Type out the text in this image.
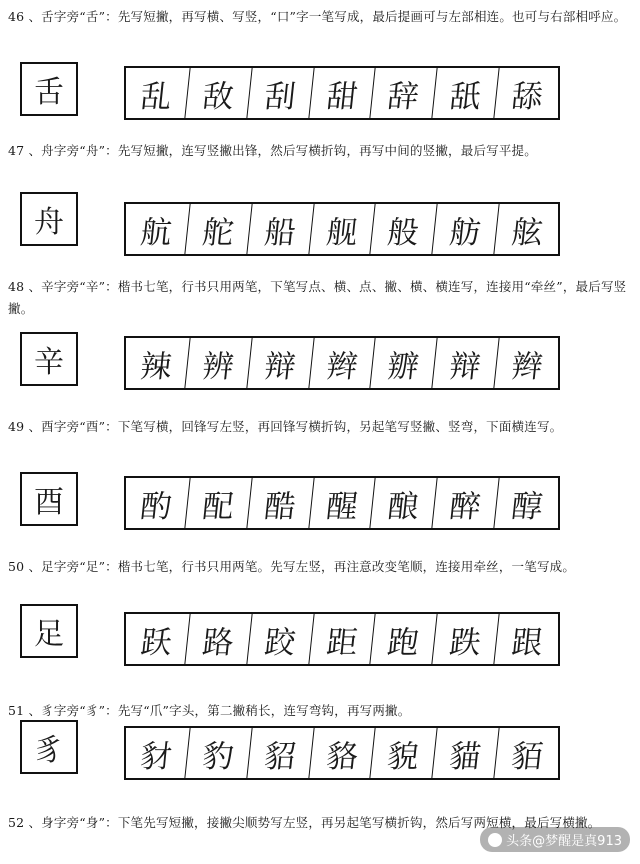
46 、舌字旁“舌”：先写短撇，再写横、写竖，“口”字一笔写成，最后提画可与左部相连。也可与右部相呼应。
舌	乱 敌 刮 甜 辞 舐 舔
47 、舟字旁“舟”：先写短撇，连写竖撇出锋，然后写横折钩，再写中间的竖撇，最后写平提。
舟	航 舵 船 舰 般 舫 舷
48 、辛字旁“辛”：楷书七笔，行书只用两笔，下笔写点、横、点、撇、横、横连写，连接用“牵丝”，最后写竖撇。
辛	辣 辨 辩 辫 辧 辩 辫
49 、酉字旁“酉”：下笔写横，回锋写左竖，再回锋写横折钩，另起笔写竖撇、竖弯，下面横连写。
酉	酌 配 酷 醒 酿 醉 醇
50 、足字旁“足”：楷书七笔，行书只用两笔。先写左竖，再注意改变笔顺，连接用牵丝，一笔写成。
足	跃 路 跤 距 跑 跌 跟
51 、豸字旁“豸”：先写“爪”字头，第二撇稍长，连写弯钩，再写两撇。
豸	豺 豹 貂 貉 貌 貓 貊
52 、身字旁“身”：下笔先写短撇，接撇尖顺势写左竖，再另起笔写横折钩，然后写两短横，最后写横撇。
头条@梦醒是真913
